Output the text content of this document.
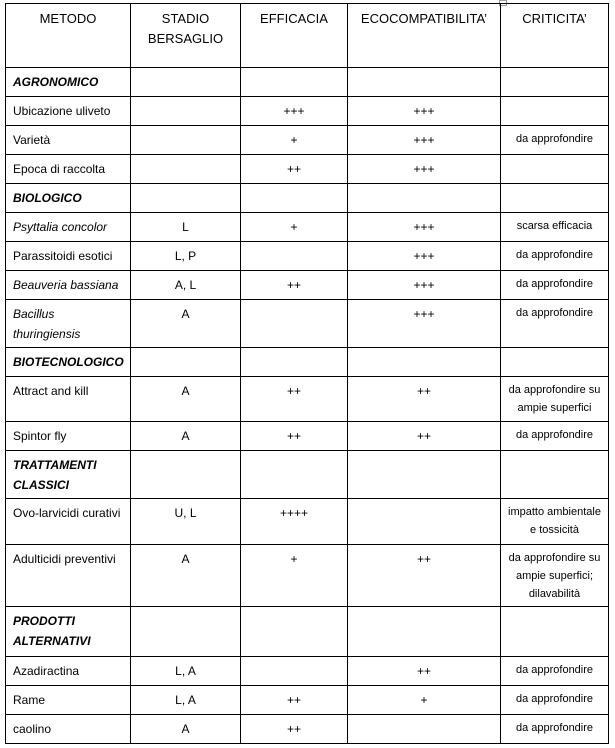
METODO	STADIO BERSAGLIO	EFFICACIA	ECOCOMPATIBILITA’	CRITICITA’
AGRONOMICO				
Ubicazione uliveto		+++	+++	
Varietà		+	+++	da approfondire
Epoca di raccolta		++	+++	
BIOLOGICO				
Psyttalia concolor	L	+	+++	scarsa efficacia
Parassitoidi esotici	L, P		+++	da approfondire
Beauveria bassiana	A, L	++	+++	da approfondire
Bacillus thuringiensis	A		+++	da approfondire
BIOTECNOLOGICO				
Attract and kill	A	++	++	da approfondire su ampie superfici
Spintor fly	A	++	++	da approfondire
TRATTAMENTI CLASSICI				
Ovo-larvicidi curativi	U, L	++++		impatto ambientale e tossicità
Adulticidi preventivi	A	+	++	da approfondire su ampie superfici; dilavabilità
PRODOTTI ALTERNATIVI				
Azadiractina	L, A		++	da approfondire
Rame	L, A	++	+	da approfondire
caolino	A	++		da approfondire
